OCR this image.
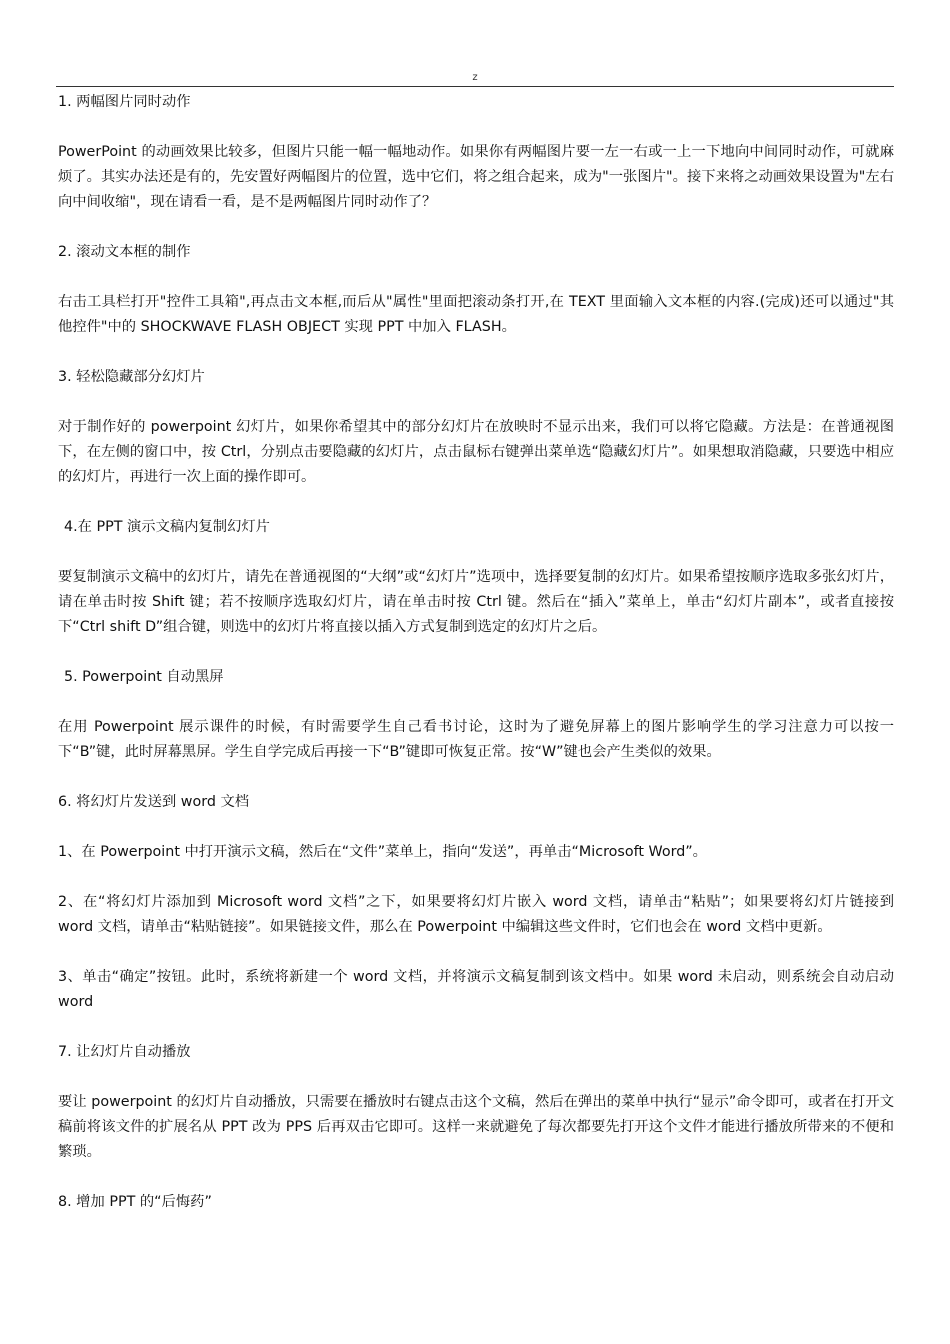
z

1. 两幅图片同时动作

PowerPoint 的动画效果比较多，但图片只能一幅一幅地动作。如果你有两幅图片要一左一右或一上一下地向中间同时动作，可就麻烦了。其实办法还是有的，先安置好两幅图片的位置，选中它们，将之组合起来，成为"一张图片"。接下来将之动画效果设置为"左右向中间收缩"，现在请看一看，是不是两幅图片同时动作了？

2. 滚动文本框的制作

右击工具栏打开"控件工具箱",再点击文本框,而后从"属性"里面把滚动条打开,在 TEXT 里面输入文本框的内容.(完成)还可以通过"其他控件"中的 SHOCKWAVE FLASH OBJECT 实现 PPT 中加入 FLASH。

3. 轻松隐藏部分幻灯片

对于制作好的 powerpoint 幻灯片，如果你希望其中的部分幻灯片在放映时不显示出来，我们可以将它隐藏。方法是：在普通视图下，在左侧的窗口中，按 Ctrl，分别点击要隐藏的幻灯片，点击鼠标右键弹出菜单选“隐藏幻灯片”。如果想取消隐藏，只要选中相应的幻灯片，再进行一次上面的操作即可。

4.在 PPT 演示文稿内复制幻灯片

要复制演示文稿中的幻灯片，请先在普通视图的“大纲”或“幻灯片”选项中，选择要复制的幻灯片。如果希望按顺序选取多张幻灯片，请在单击时按 Shift 键；若不按顺序选取幻灯片，请在单击时按 Ctrl 键。然后在“插入”菜单上，单击“幻灯片副本”，或者直接按下“Ctrl shift D”组合键，则选中的幻灯片将直接以插入方式复制到选定的幻灯片之后。

5. Powerpoint 自动黑屏

在用 Powerpoint 展示课件的时候，有时需要学生自己看书讨论，这时为了避免屏幕上的图片影响学生的学习注意力可以按一下“B”键，此时屏幕黑屏。学生自学完成后再接一下“B”键即可恢复正常。按“W”键也会产生类似的效果。

6. 将幻灯片发送到 word 文档

1、在 Powerpoint 中打开演示文稿，然后在“文件”菜单上，指向“发送”，再单击“Microsoft Word”。

2、在“将幻灯片添加到 Microsoft word 文档”之下，如果要将幻灯片嵌入 word 文档，请单击“粘贴”；如果要将幻灯片链接到 word 文档，请单击“粘贴链接”。如果链接文件，那么在 Powerpoint 中编辑这些文件时，它们也会在 word 文档中更新。

3、单击“确定”按钮。此时，系统将新建一个 word 文档，并将演示文稿复制到该文档中。如果 word 未启动，则系统会自动启动 word

7. 让幻灯片自动播放

要让 powerpoint 的幻灯片自动播放，只需要在播放时右键点击这个文稿，然后在弹出的菜单中执行“显示”命令即可，或者在打开文稿前将该文件的扩展名从 PPT 改为 PPS 后再双击它即可。这样一来就避免了每次都要先打开这个文件才能进行播放所带来的不便和繁琐。

8. 增加 PPT 的“后悔药”
